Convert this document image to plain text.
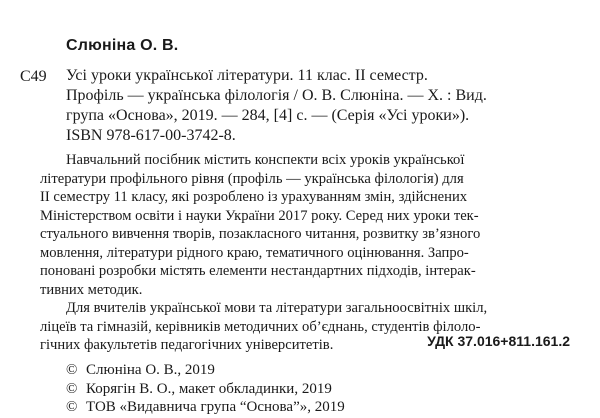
Слюніна О. В.
С49 Усі уроки української літератури. 11 клас. ІІ семестр.
Профіль — українська філологія / О. В. Слюніна. — Х. : Вид.
група «Основа», 2019. — 284, [4] с. — (Серія «Усі уроки»).
ISBN 978-617-00-3742-8.
Навчальний посібник містить конспекти всіх уроків української
літератури профільного рівня (профіль — українська філологія) для
ІІ семестру 11 класу, які розроблено із урахуванням змін, здійснених
Міністерством освіти і науки України 2017 року. Серед них уроки тек-
стуального вивчення творів, позакласного читання, розвитку зв’язного
мовлення, літератури рідного краю, тематичного оцінювання. Запро-
поновані розробки містять елементи нестандартних підходів, інтерак-
тивних методик.
Для вчителів української мови та літератури загальноосвітніх шкіл,
ліцеїв та гімназій, керівників методичних об’єднань, студентів філоло-
гічних факультетів педагогічних університетів.	УДК 37.016+811.161.2
© Слюніна О. В., 2019
© Корягін В. О., макет обкладинки, 2019
© ТОВ «Видавнича група “Основа”», 2019
